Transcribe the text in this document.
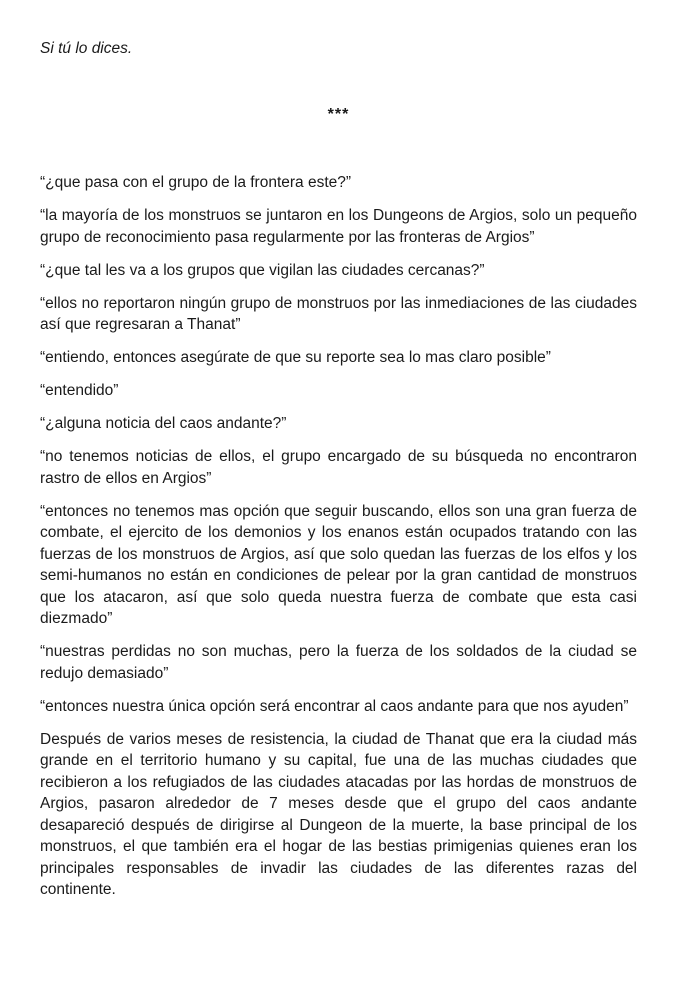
Si tú lo dices.

***

“¿que pasa con el grupo de la frontera este?”

“la mayoría de los monstruos se juntaron en los Dungeons de Argios, solo un pequeño grupo de reconocimiento pasa regularmente por las fronteras de Argios”

“¿que tal les va a los grupos que vigilan las ciudades cercanas?”

“ellos no reportaron ningún grupo de monstruos por las inmediaciones de las ciudades así que regresaran a Thanat”

“entiendo, entonces asegúrate de que su reporte sea lo mas claro posible”

“entendido”

“¿alguna noticia del caos andante?”

“no tenemos noticias de ellos, el grupo encargado de su búsqueda no encontraron rastro de ellos en Argios”

“entonces no tenemos mas opción que seguir buscando, ellos son una gran fuerza de combate, el ejercito de los demonios y los enanos están ocupados tratando con las fuerzas de los monstruos de Argios, así que solo quedan las fuerzas de los elfos y los semi-humanos no están en condiciones de pelear por la gran cantidad de monstruos que los atacaron, así que solo queda nuestra fuerza de combate que esta casi diezmado”

“nuestras perdidas no son muchas, pero la fuerza de los soldados de la ciudad se redujo demasiado”

“entonces nuestra única opción será encontrar al caos andante para que nos ayuden”

Después de varios meses de resistencia, la ciudad de Thanat que era la ciudad más grande en el territorio humano y su capital, fue una de las muchas ciudades que recibieron a los refugiados de las ciudades atacadas por las hordas de monstruos de Argios, pasaron alrededor de 7 meses desde que el grupo del caos andante desapareció después de dirigirse al Dungeon de la muerte, la base principal de los monstruos, el que también era el hogar de las bestias primigenias quienes eran los principales responsables de invadir las ciudades de las diferentes razas del continente.
